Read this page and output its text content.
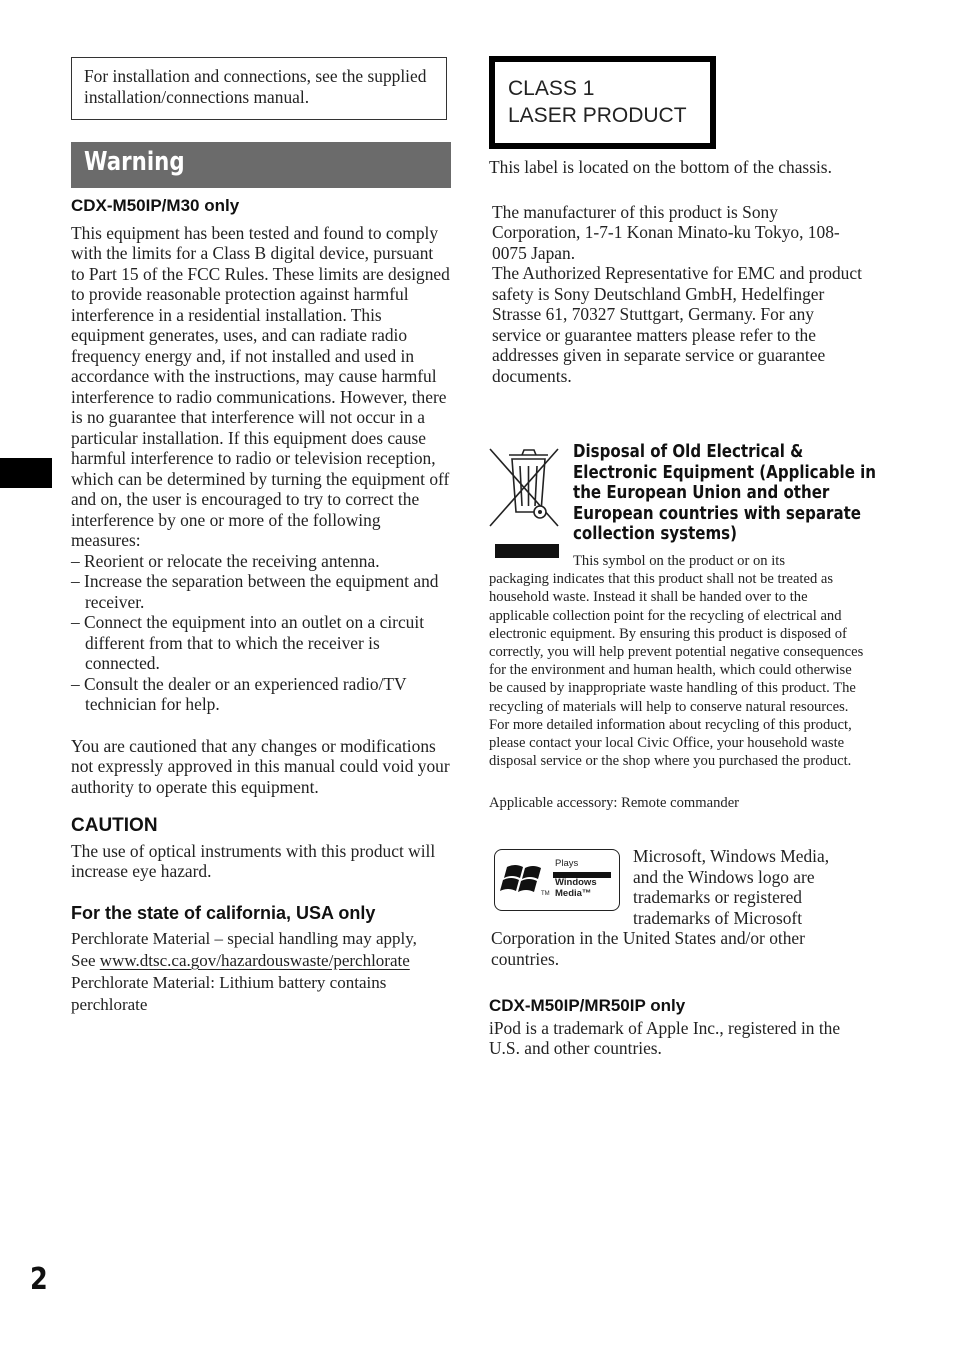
For installation and connections, see the supplied installation/connections manual.
Warning
CDX-M50IP/M30 only

This equipment has been tested and found to comply with the limits for a Class B digital device, pursuant to Part 15 of the FCC Rules. These limits are designed to provide reasonable protection against harmful interference in a residential installation. This equipment generates, uses, and can radiate radio frequency energy and, if not installed and used in accordance with the instructions, may cause harmful interference to radio communications. However, there is no guarantee that interference will not occur in a particular installation. If this equipment does cause harmful interference to radio or television reception, which can be determined by turning the equipment off and on, the user is encouraged to try to correct the interference by one or more of the following measures:

– Reorient or relocate the receiving antenna.
– Increase the separation between the equipment and receiver.
– Connect the equipment into an outlet on a circuit different from that to which the receiver is connected.
– Consult the dealer or an experienced radio/TV technician for help.

You are cautioned that any changes or modifications not expressly approved in this manual could void your authority to operate this equipment.

CAUTION

The use of optical instruments with this product will increase eye hazard.

For the state of california, USA only
Perchlorate Material – special handling may apply,
See www.dtsc.ca.gov/hazardouswaste/perchlorate
Perchlorate Material: Lithium battery contains perchlorate
2
CLASS 1
LASER PRODUCT

This label is located on the bottom of the chassis.

The manufacturer of this product is Sony Corporation, 1-7-1 Konan Minato-ku Tokyo, 108-0075 Japan.

The Authorized Representative for EMC and product safety is Sony Deutschland GmbH, Hedelfinger Strasse 61, 70327 Stuttgart, Germany. For any service or guarantee matters please refer to the addresses given in separate service or guarantee documents.

Disposal of Old Electrical &
Electronic Equipment (Applicable in
the European Union and other
European countries with separate
collection systems)
This symbol on the product or on its
packaging indicates that this product shall not be treated as household waste. Instead it shall be handed over to the applicable collection point for the recycling of electrical and electronic equipment. By ensuring this product is disposed of correctly, you will help prevent potential negative consequences for the environment and human health, which could otherwise be caused by inappropriate waste handling of this product. The recycling of materials will help to conserve natural resources. For more detailed information about recycling of this product, please contact your local Civic Office, your household waste disposal service or the shop where you purchased the product.
Applicable accessory: Remote commander
Plays
Windows
Media™
TM
Microsoft, Windows Media,
and the Windows logo are
trademarks or registered
trademarks of Microsoft
Corporation in the United States and/or other countries.
CDX-M50IP/MR50IP only

iPod is a trademark of Apple Inc., registered in the U.S. and other countries.
